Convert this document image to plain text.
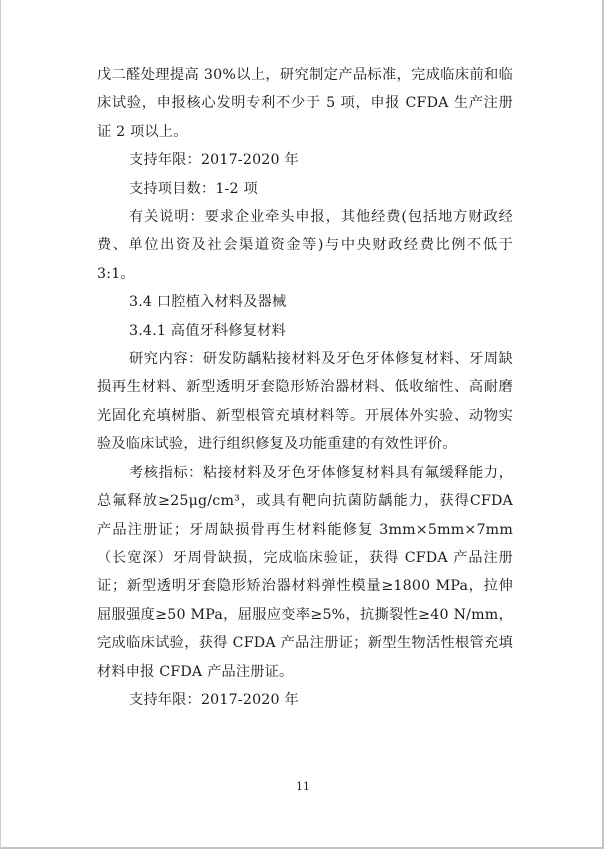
戊二醛处理提高 30%以上，研究制定产品标准，完成临床前和临床试验，申报核心发明专利不少于 5 项，申报 CFDA 生产注册证 2 项以上。

支持年限：2017-2020 年

支持项目数：1-2 项

有关说明：要求企业牵头申报，其他经费(包括地方财政经费、单位出资及社会渠道资金等)与中央财政经费比例不低于3:1。

3.4 口腔植入材料及器械

3.4.1 高值牙科修复材料

研究内容：研发防龋粘接材料及牙色牙体修复材料、牙周缺损再生材料、新型透明牙套隐形矫治器材料、低收缩性、高耐磨光固化充填树脂、新型根管充填材料等。开展体外实验、动物实验及临床试验，进行组织修复及功能重建的有效性评价。

考核指标：粘接材料及牙色牙体修复材料具有氟缓释能力，总氟释放≥25μg/cm³，或具有靶向抗菌防龋能力，获得CFDA 产品注册证；牙周缺损骨再生材料能修复 3mm×5mm×7mm（长宽深）牙周骨缺损，完成临床验证，获得 CFDA 产品注册证；新型透明牙套隐形矫治器材料弹性模量≥1800 MPa，拉伸屈服强度≥50 MPa，屈服应变率≥5%，抗撕裂性≥40 N/mm，完成临床试验，获得 CFDA 产品注册证；新型生物活性根管充填材料申报 CFDA 产品注册证。

支持年限：2017-2020 年

11
